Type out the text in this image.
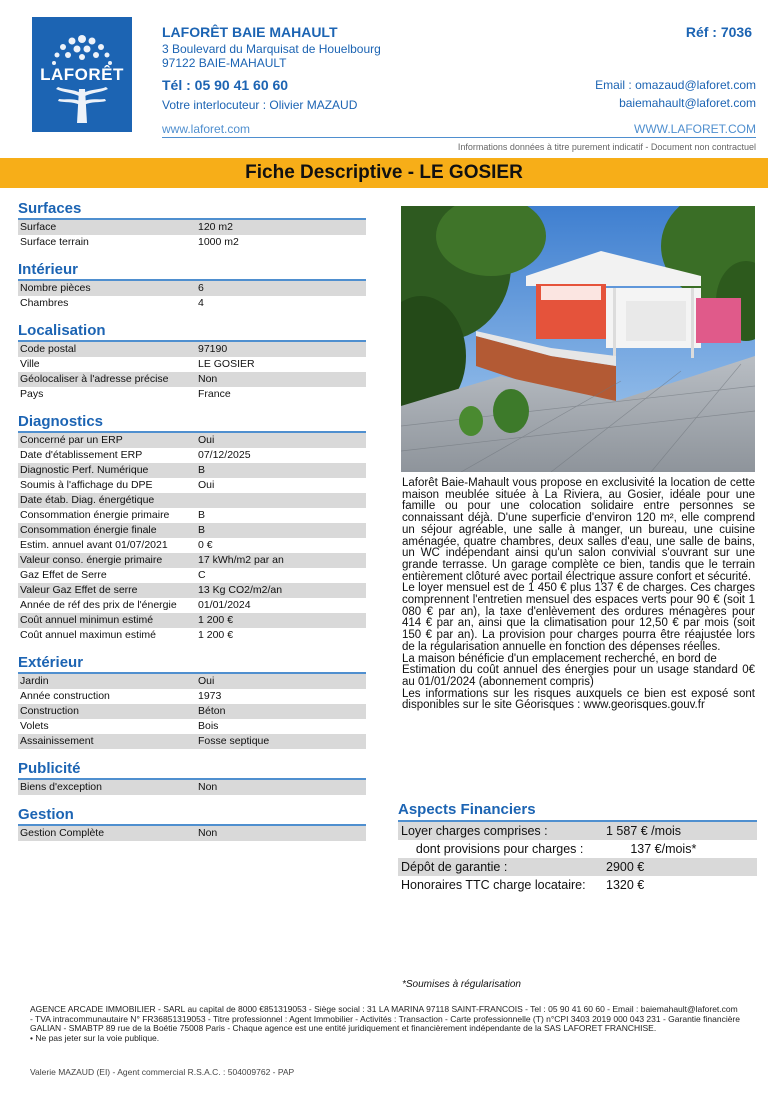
LAFORÊT
LAFORÊT BAIE MAHAULT	Réf : 7036
3 Boulevard du Marquisat de Houelbourg
97122 BAIE-MAHAULT
Tél : 05 90 41 60 60
Votre interlocuteur : Olivier MAZAUD
Email : omazaud@laforet.com
baiemahault@laforet.com
www.laforet.com	WWW.LAFORET.COM
Informations données à titre purement indicatif - Document non contractuel
Fiche Descriptive - LE GOSIER
Surfaces
Surface	120 m2
Surface terrain	1000 m2
Intérieur
Nombre pièces	6
Chambres	4
Localisation
Code postal	97190
Ville	LE GOSIER
Géolocaliser à l'adresse précise	Non
Pays	France
Diagnostics
Concerné par un ERP	Oui
Date d'établissement ERP	07/12/2025
Diagnostic Perf. Numérique	B
Soumis à l'affichage du DPE	Oui
Date étab. Diag. énergétique
Consommation énergie primaire	B
Consommation énergie finale	B
Estim. annuel avant 01/07/2021	0 €
Valeur conso. énergie primaire	17 kWh/m2 par an
Gaz Effet de Serre	C
Valeur Gaz Effet de serre	13 Kg CO2/m2/an
Année de réf des prix de l'énergie	01/01/2024
Coût annuel minimun estimé	1 200 €
Coût annuel maximun estimé	1 200 €
Extérieur
Jardin	Oui
Année construction	1973
Construction	Béton
Volets	Bois
Assainissement	Fosse septique
Publicité
Biens d'exception	Non
Gestion
Gestion Complète	Non

Laforêt Baie-Mahault vous propose en exclusivité la location de cette maison meublée située à La Riviera, au Gosier, idéale pour une famille ou pour une colocation solidaire entre personnes se connaissant déjà. D'une superficie d'environ 120 m², elle comprend un séjour agréable, une salle à manger, un bureau, une cuisine aménagée, quatre chambres, deux salles d'eau, une salle de bains, un WC indépendant ainsi qu'un salon convivial s'ouvrant sur une grande terrasse. Un garage complète ce bien, tandis que le terrain entièrement clôturé avec portail électrique assure confort et sécurité.

Le loyer mensuel est de 1 450 € plus 137 € de charges. Ces charges comprennent l'entretien mensuel des espaces verts pour 90 € (soit 1 080 € par an), la taxe d'enlèvement des ordures ménagères pour 414 € par an, ainsi que la climatisation pour 12,50 € par mois (soit 150 € par an). La provision pour charges pourra être réajustée lors de la régularisation annuelle en fonction des dépenses réelles.

La maison bénéficie d'un emplacement recherché, en bord de

Estimation du coût annuel des énergies pour un usage standard 0€ au 01/01/2024 (abonnement compris)

Les informations sur les risques auxquels ce bien est exposé sont disponibles sur le site Géorisques : www.georisques.gouv.fr

Aspects Financiers
Loyer charges comprises :	1 587 € /mois
dont provisions pour charges :	137 €/mois*
Dépôt de garantie :	2900 €
Honoraires TTC charge locataire:	1320 €
*Soumises à régularisation
AGENCE ARCADE IMMOBILIER - SARL au capital de 8000 €851319053 - Siège social : 31 LA MARINA 97118 SAINT-FRANCOIS - Tel : 05 90 41 60 60 - Email : baiemahault@laforet.com - TVA intracommunautaire N° FR36851319053 - Titre professionnel : Agent Immobilier - Activités : Transaction - Carte professionnelle (T) n°CPI 3403 2019 000 043 231 - Garantie financière GALIAN - SMABTP 89 rue de la Boétie 75008 Paris - Chaque agence est une entité juridiquement et financièrement indépendante de la SAS LAFORET FRANCHISE.
• Ne pas jeter sur la voie publique.
Valerie MAZAUD (EI) - Agent commercial R.S.A.C. : 504009762 - PAP
